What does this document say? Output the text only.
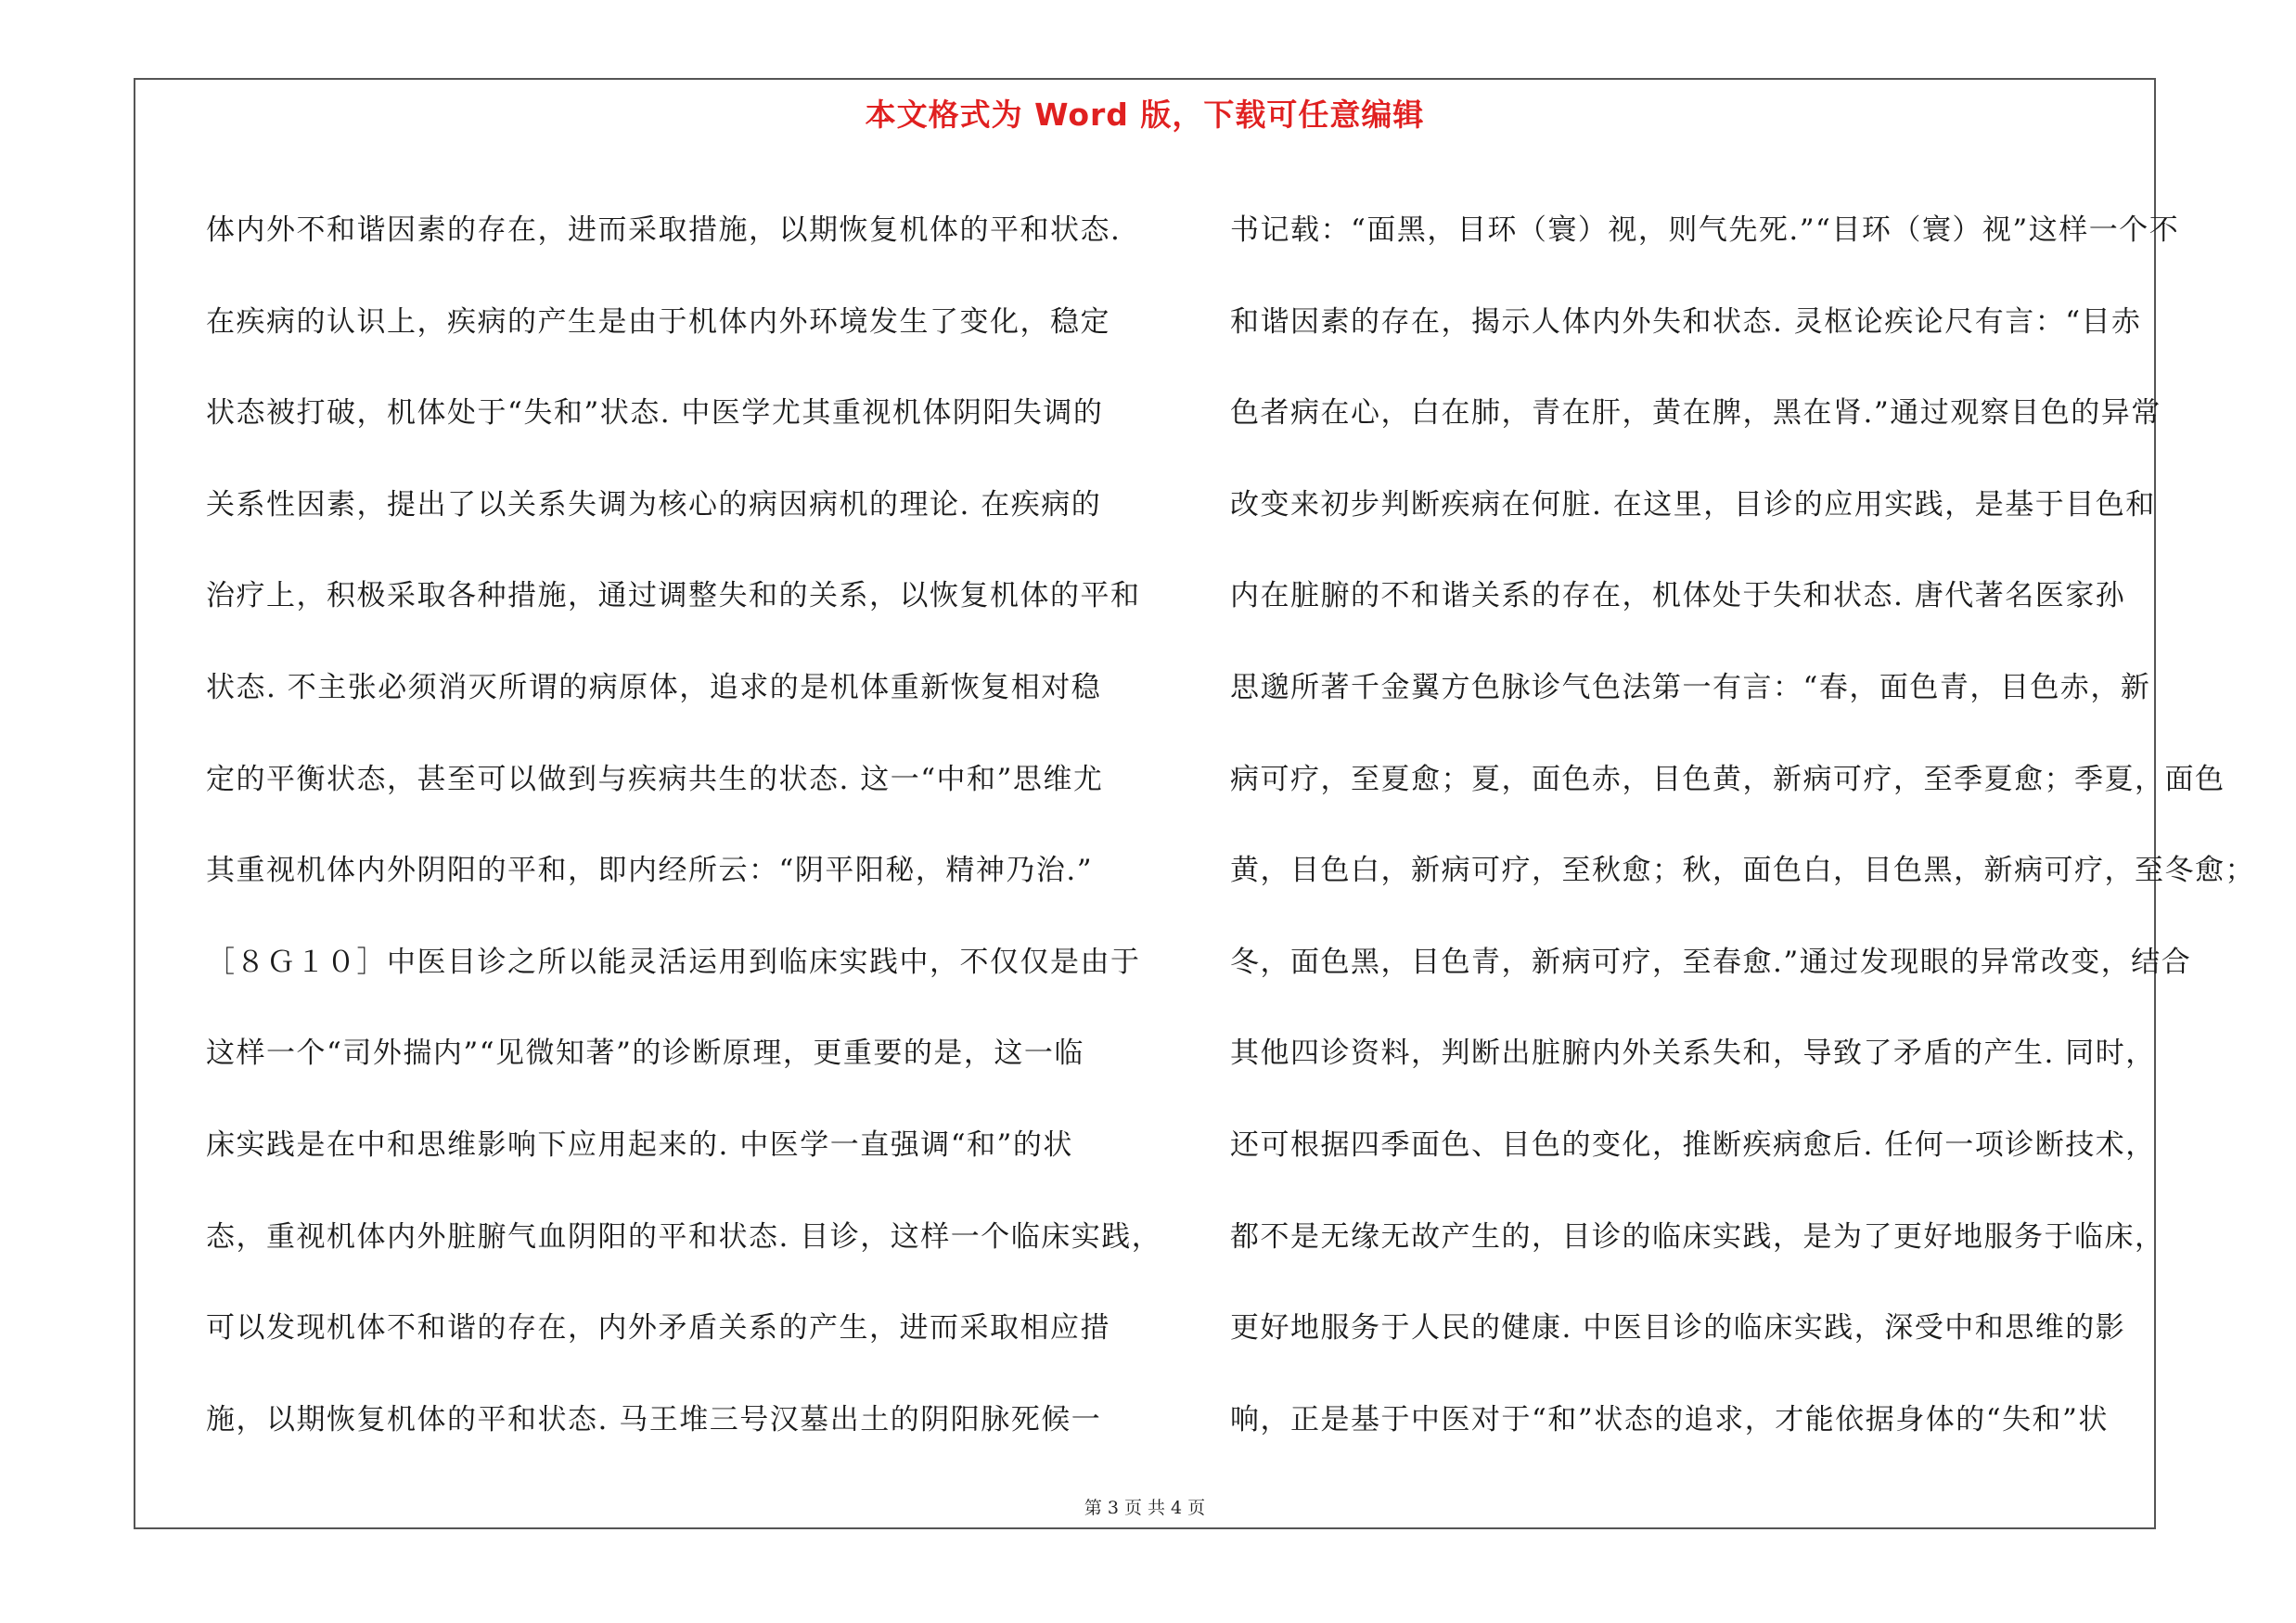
本文格式为 Word 版，下载可任意编辑
体内外不和谐因素的存在，进而采取措施，以期恢复机体的平和状态.
在疾病的认识上，疾病的产生是由于机体内外环境发生了变化，稳定
状态被打破，机体处于“失和”状态. 中医学尤其重视机体阴阳失调的
关系性因素，提出了以关系失调为核心的病因病机的理论. 在疾病的
治疗上，积极采取各种措施，通过调整失和的关系，以恢复机体的平和
状态. 不主张必须消灭所谓的病原体，追求的是机体重新恢复相对稳
定的平衡状态，甚至可以做到与疾病共生的状态. 这一“中和”思维尤
其重视机体内外阴阳的平和，即内经所云：“阴平阳秘，精神乃治.”
［８Ｇ１０］中医目诊之所以能灵活运用到临床实践中，不仅仅是由于
这样一个“司外揣内”“见微知著”的诊断原理，更重要的是，这一临
床实践是在中和思维影响下应用起来的. 中医学一直强调“和”的状
态，重视机体内外脏腑气血阴阳的平和状态. 目诊，这样一个临床实践，
可以发现机体不和谐的存在，内外矛盾关系的产生，进而采取相应措
施，以期恢复机体的平和状态. 马王堆三号汉墓出土的阴阳脉死候一
书记载：“面黑，目环（寰）视，则气先死.”“目环（寰）视”这样一个不
和谐因素的存在，揭示人体内外失和状态. 灵枢论疾论尺有言：“目赤
色者病在心，白在肺，青在肝，黄在脾，黑在肾.”通过观察目色的异常
改变来初步判断疾病在何脏. 在这里，目诊的应用实践，是基于目色和
内在脏腑的不和谐关系的存在，机体处于失和状态. 唐代著名医家孙
思邈所著千金翼方色脉诊气色法第一有言：“春，面色青，目色赤，新
病可疗，至夏愈；夏，面色赤，目色黄，新病可疗，至季夏愈；季夏，面色
黄，目色白，新病可疗，至秋愈；秋，面色白，目色黑，新病可疗，至冬愈；
冬，面色黑，目色青，新病可疗，至春愈.”通过发现眼的异常改变，结合
其他四诊资料，判断出脏腑内外关系失和，导致了矛盾的产生. 同时，
还可根据四季面色、目色的变化，推断疾病愈后. 任何一项诊断技术，
都不是无缘无故产生的，目诊的临床实践，是为了更好地服务于临床，
更好地服务于人民的健康. 中医目诊的临床实践，深受中和思维的影
响，正是基于中医对于“和”状态的追求，才能依据身体的“失和”状
第 3 页 共 4 页
